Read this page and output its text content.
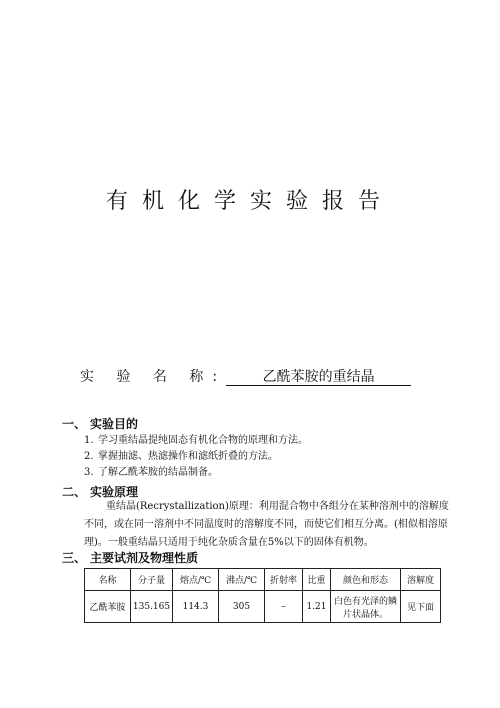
有机化学实验报告
实 验 名 称:	乙酰苯胺的重结晶
一、 实验目的
1. 学习重结晶提纯固态有机化合物的原理和方法。
2. 掌握抽滤、热滤操作和滤纸折叠的方法。
3. 了解乙酰苯胺的结晶制备。
二、 实验原理
重结晶(Recrystallization)原理：利用混合物中各组分在某种溶剂中的溶解度不同，或在同一溶剂中不同温度时的溶解度不同，而使它们相互分离。(相似相溶原理)。一般重结晶只适用于纯化杂质含量在5%以下的固体有机物。
三、 主要试剂及物理性质
名称	分子量	熔点/℃	沸点/℃	折射率	比重	颜色和形态	溶解度
乙酰苯胺	135.165	114.3	305	–	1.21	白色有光泽的鳞片状晶体。	见下面
